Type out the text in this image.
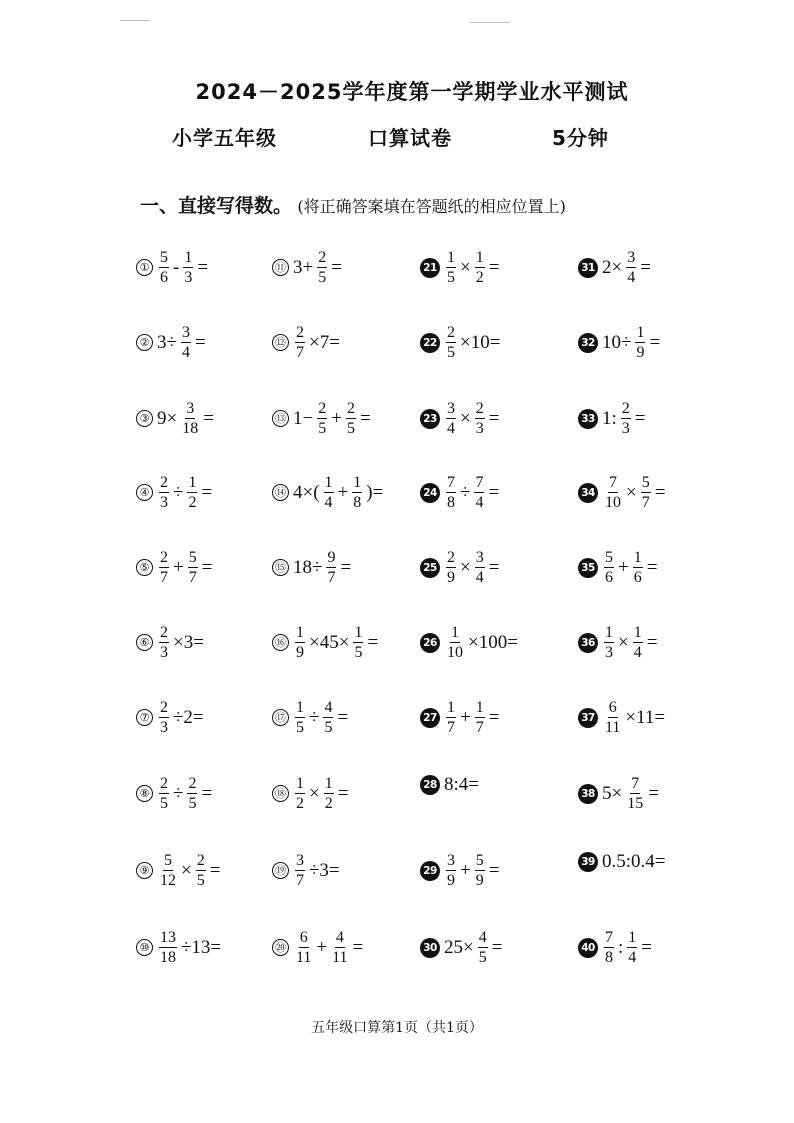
2024－2025学年度第一学期学业水平测试
小学五年级	口算试卷	5分钟
一、直接写得数。 (将正确答案填在答题纸的相应位置上)
① $\frac{5}{6} - \frac{1}{3}$ =
② $3\div \frac{3}{4}$ =
③ $9\times \frac{3}{18}$ =
④ $\frac{2}{3} \div \frac{1}{2}$ =
⑤ $\frac{2}{7} + \frac{5}{7}$ =
⑥ $\frac{2}{3} \times 3=$
⑦ $\frac{2}{3} \div 2=$
⑧ $\frac{2}{5} \div \frac{2}{5}$ =
⑨ $\frac{5}{12} \times \frac{2}{5}$ =
⑩ $\frac{13}{18} \div 13=$
⑪ $3+ \frac{2}{5}$ =
⑫ $\frac{2}{7} \times 7=$
⑬ $1- \frac{2}{5} + \frac{2}{5}$ =
⑭ $4\times( \frac{1}{4} + \frac{1}{8}$ )=
⑮ $18\div \frac{9}{7}$ =
⑯ $\frac{1}{9} \times 45\times \frac{1}{5}$ =
⑰ $\frac{1}{5} \div \frac{4}{5}$ =
⑱ $\frac{1}{2} \times \frac{1}{2}$ =
⑲ $\frac{3}{7} \div 3=$
⑳ $\frac{6}{11} + \frac{4}{11}$ =
$21 \frac{1}{5} \times \frac{1}{2}$ =
$22 \frac{2}{5} \times 10=$
$23 \frac{3}{4} \times \frac{2}{3}$ =
$24 \frac{7}{8} \div \frac{7}{4}$ =
$25 \frac{2}{9} \times \frac{3}{4}$ =
$26 \frac{1}{10} \times 100=$
$27 \frac{1}{7} + \frac{1}{7}$ =
28 8:4=
$29 \frac{3}{9} + \frac{5}{9}$ =
30 $25\times \frac{4}{5}$ =
31 $2\times \frac{3}{4}$ =
32 $10\div \frac{1}{9}$ =
33 1: $\frac{2}{3}$ =
$34 \frac{7}{10} \times \frac{5}{7}$ =
$35 \frac{5}{6} + \frac{1}{6}$ =
$36 \frac{1}{3} \times \frac{1}{4}$ =
$37 \frac{6}{11} \times 11=$
38 $5\times \frac{7}{15}$ =
39 0.5:0.4=
$40 \frac{7}{8}$ : $\frac{1}{4}$ =
五年级口算第1页（共1页）
